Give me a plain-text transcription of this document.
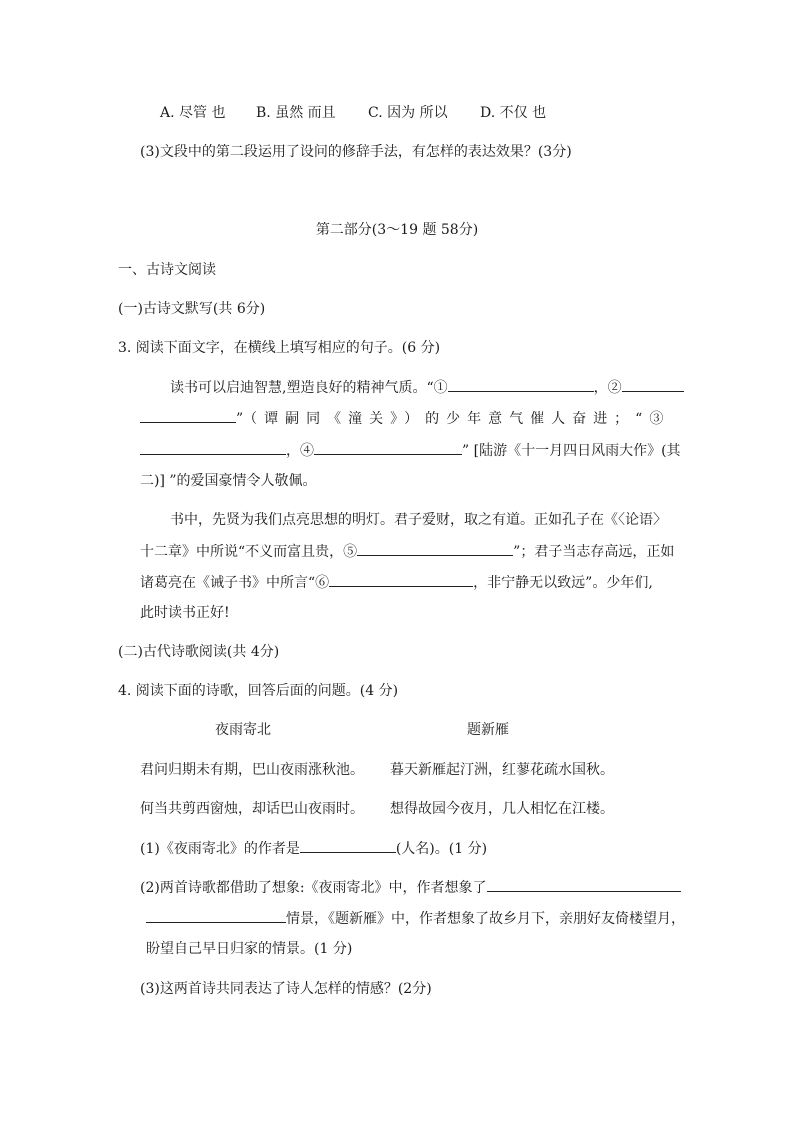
A. 尽管 也 B. 虽然 而且 C. 因为 所以 D. 不仅 也
(3)文段中的第二段运用了设问的修辞手法，有怎样的表达效果？(3分)
第二部分(3～19 题 58分)
一、古诗文阅读
(一)古诗文默写(共 6分)
3. 阅读下面文字，在横线上填写相应的句子。(6 分)
读书可以启迪智慧,塑造良好的精神气质。“①	，②
”（谭嗣同《潼关》）的少年意气催人奋进；“③
，④	” [陆游《十一月四日风雨大作》(其
二)] ”的爱国豪情令人敬佩。
书中，先贤为我们点亮思想的明灯。君子爱财，取之有道。正如孔子在《〈论语〉
十二章》中所说“不义而富且贵，⑤	”；君子当志存高远，正如
诸葛亮在《诫子书》中所言“⑥	，非宁静无以致远”。少年们,
此时读书正好!
(二)古代诗歌阅读(共 4分)
4. 阅读下面的诗歌，回答后面的问题。(4 分)
夜雨寄北	题新雁
君问归期未有期，巴山夜雨涨秋池。 暮天新雁起汀洲，红蓼花疏水国秋。
何当共剪西窗烛，却话巴山夜雨时。 想得故园今夜月，几人相忆在江楼。
(1)《夜雨寄北》的作者是	(人名)。(1 分)
(2)两首诗歌都借助了想象:《夜雨寄北》中，作者想象了
情景，《题新雁》中，作者想象了故乡月下，亲朋好友倚楼望月，
盼望自己早日归家的情景。(1 分)
(3)这两首诗共同表达了诗人怎样的情感？(2分)
